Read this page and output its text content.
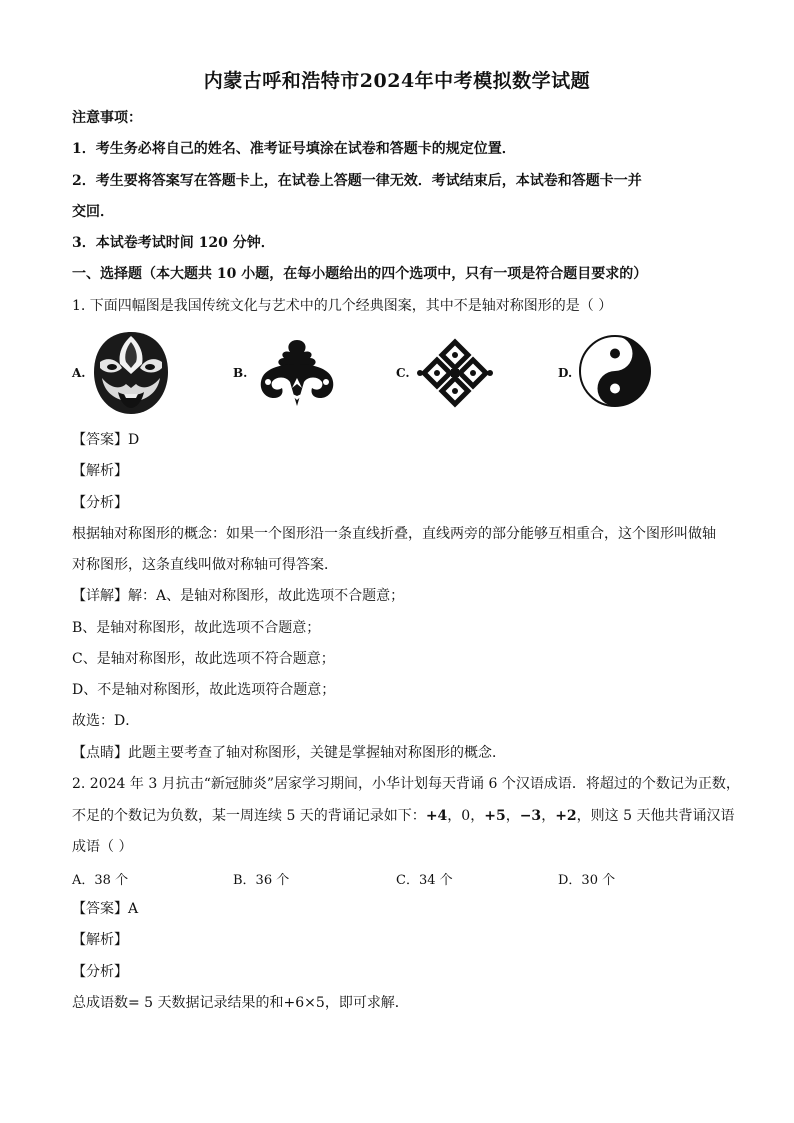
内蒙古呼和浩特市2024年中考模拟数学试题
注意事项：
1．考生务必将自己的姓名、准考证号填涂在试卷和答题卡的规定位置．
2．考生要将答案写在答题卡上，在试卷上答题一律无效．考试结束后，本试卷和答题卡一并
交回．
3．本试卷考试时间 120 分钟．
一、选择题（本大题共 10 小题，在每小题给出的四个选项中，只有一项是符合题目要求的）
1. 下面四幅图是我国传统文化与艺术中的几个经典图案，其中不是轴对称图形的是（ ）
A.	B.	C.	D.
【答案】D
【解析】
【分析】
根据轴对称图形的概念：如果一个图形沿一条直线折叠，直线两旁的部分能够互相重合，这个图形叫做轴
对称图形，这条直线叫做对称轴可得答案．
【详解】解：A、是轴对称图形，故此选项不合题意；
B、是轴对称图形，故此选项不合题意；
C、是轴对称图形，故此选项不符合题意；
D、不是轴对称图形，故此选项符合题意；
故选：D．
【点睛】此题主要考查了轴对称图形，关键是掌握轴对称图形的概念．
2. 2024 年 3 月抗击“新冠肺炎”居家学习期间，小华计划每天背诵 6 个汉语成语．将超过的个数记为正数，
不足的个数记为负数，某一周连续 5 天的背诵记录如下：+4，0，+5，−3，+2，则这 5 天他共背诵汉语
成语（ ）
A．38 个	B．36 个	C．34 个	D．30 个
【答案】A
【解析】
【分析】
总成语数= 5 天数据记录结果的和+6×5，即可求解．
